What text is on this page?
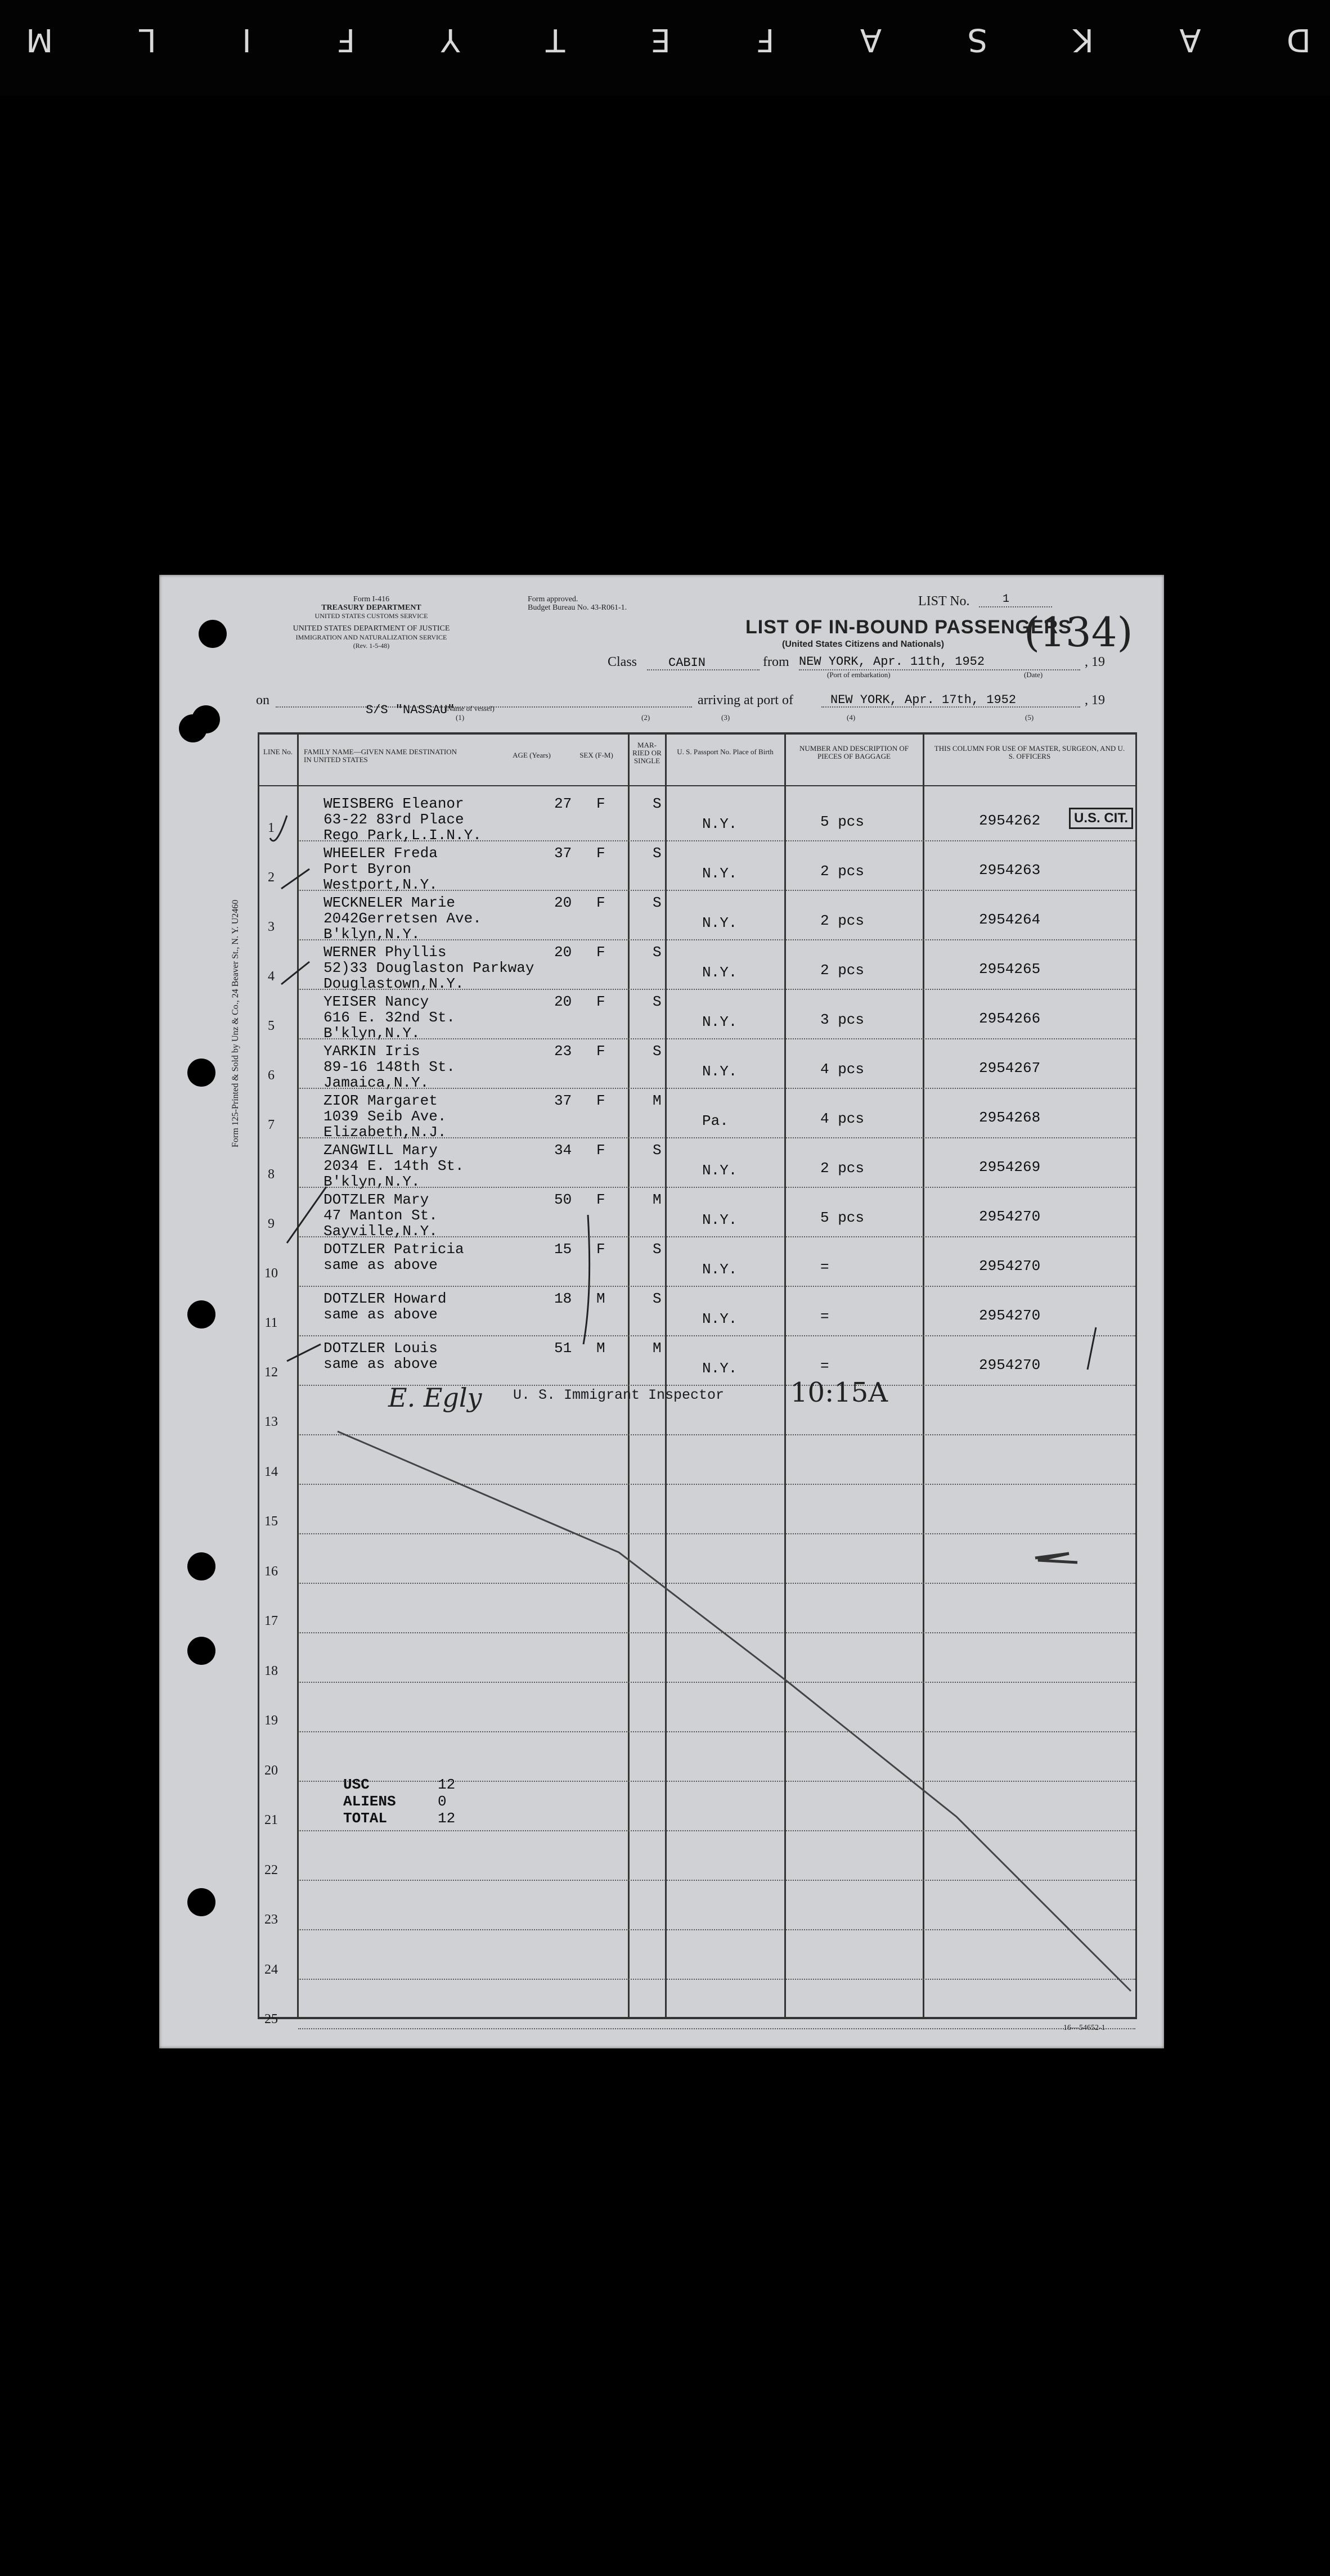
D
A
K
S
A
F
E
T
Y
F
I
L
M
Form I-416
TREASURY DEPARTMENT
UNITED STATES CUSTOMS SERVICE
UNITED STATES DEPARTMENT OF JUSTICE
IMMIGRATION AND NATURALIZATION SERVICE
(Rev. 1-5-48)
Form approved.
Budget Bureau No. 43-R061-1.	LIST No.	1
LIST OF IN-BOUND PASSENGERS
(United States Citizens and Nationals) (134)
Class	CABIN	from NEW YORK, Apr. 11th, 1952	, 19
(Port of embarkation)	(Date)
on
S/S "NASSAU"
(Name of vessel)
arriving at port of	NEW YORK, Apr. 17th, 1952	, 19
(1)	(2)	(3)	(4)	(5)
LINE No.	FAMILY NAME—GIVEN NAME DESTINATION IN UNITED STATES
AGE (Years)	SEX (F-M)
MAR- RIED OR SINGLE
U. S. Passport No. Place of Birth	NUMBER AND DESCRIPTION OF PIECES OF BAGGAGE
THIS COLUMN FOR USE OF MASTER, SURGEON, AND U. S. OFFICERS
1
WEISBERG Eleanor
63-22 83rd Place
Rego Park,L.I.N.Y.
27 F	S
N.Y.	5 pcs	2954262
2
WHEELER Freda
Port Byron
Westport,N.Y.
37 F	S
N.Y.	2 pcs	2954263
3
WECKNELER Marie
2042Gerretsen Ave.
B'klyn,N.Y.
20 F	S
N.Y.	2 pcs	2954264
4
WERNER Phyllis
52)33 Douglaston Parkway
Douglastown,N.Y.
20 F	S
N.Y.	2 pcs	2954265
5
YEISER Nancy
616 E. 32nd St.
B'klyn,N.Y.
20 F	S
N.Y.	3 pcs	2954266
6
YARKIN Iris
89-16 148th St.
Jamaica,N.Y.
23 F	S
N.Y.	4 pcs	2954267
7
ZIOR Margaret
1039 Seib Ave.
Elizabeth,N.J.
37 F	M
Pa.	4 pcs	2954268
8
ZANGWILL Mary
2034 E. 14th St.
B'klyn,N.Y.
34 F	S
N.Y.	2 pcs	2954269
9
DOTZLER Mary
47 Manton St.
Sayville,N.Y.
50 F	M
N.Y.	5 pcs	2954270
10
DOTZLER Patricia
same as above
15 F	S
N.Y.	=	2954270
11
DOTZLER Howard
same as above
18 M	S
N.Y.	=	2954270
12
DOTZLER Louis
same as above
51 M	M
N.Y.	=	2954270
13
14
15
16
17
18
19
20
21
22
23
24
25
U.S. CIT.
E. Egly U. S. Immigrant Inspector 10:15A
USC	12
ALIENS	0
TOTAL	12
Form 125-Printed & Sold by Unz & Co., 24 Beaver St., N. Y. U2460
16—54652-1
